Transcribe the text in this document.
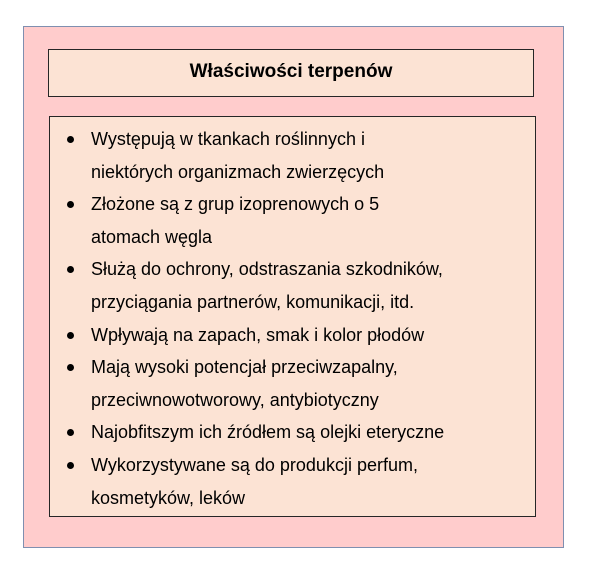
Właściwości terpenów
Występują w tkankach roślinnych i
niektórych organizmach zwierzęcych
Złożone są z grup izoprenowych o 5
atomach węgla
Służą do ochrony, odstraszania szkodników,
przyciągania partnerów, komunikacji, itd.
Wpływają na zapach, smak i kolor płodów
Mają wysoki potencjał przeciwzapalny,
przeciwnowotworowy, antybiotyczny
Najobfitszym ich źródłem są olejki eteryczne
Wykorzystywane są do produkcji perfum,
kosmetyków, leków
